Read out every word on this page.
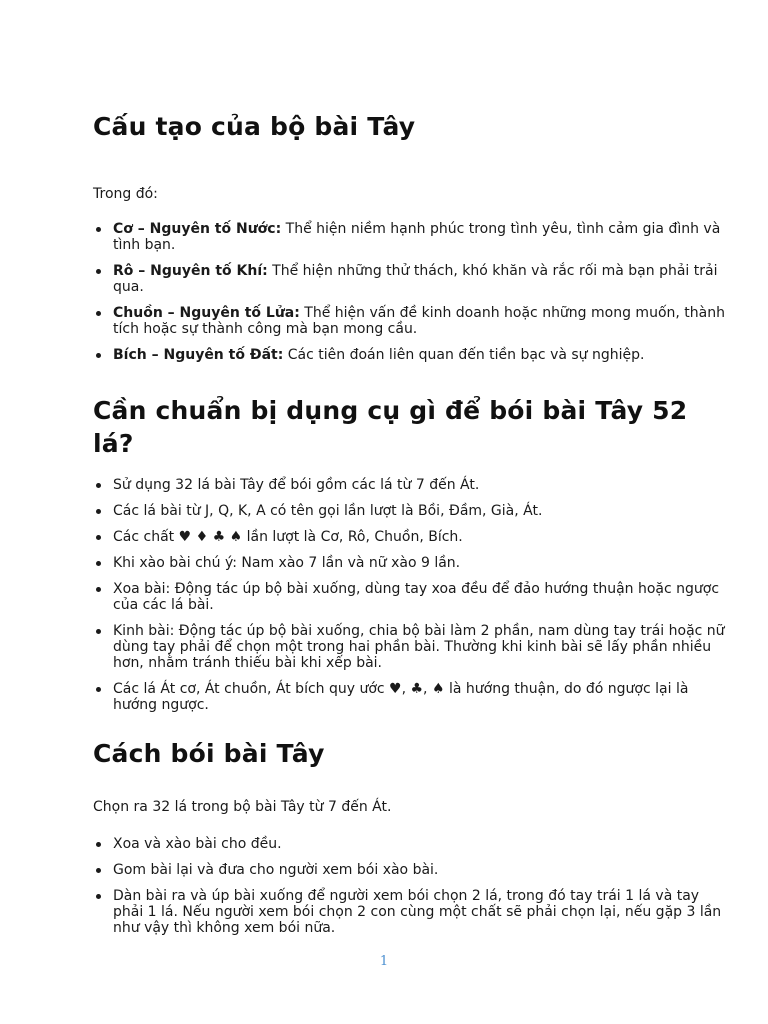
Cấu tạo của bộ bài Tây
Trong đó:
Cơ – Nguyên tố Nước: Thể hiện niềm hạnh phúc trong tình yêu, tình cảm gia đình và tình bạn.
Rô – Nguyên tố Khí: Thể hiện những thử thách, khó khăn và rắc rối mà bạn phải trải qua.
Chuồn – Nguyên tố Lửa: Thể hiện vấn đề kinh doanh hoặc những mong muốn, thành tích hoặc sự thành công mà bạn mong cầu.
Bích – Nguyên tố Đất: Các tiên đoán liên quan đến tiền bạc và sự nghiệp.
Cần chuẩn bị dụng cụ gì để bói bài Tây 52 lá?
Sử dụng 32 lá bài Tây để bói gồm các lá từ 7 đến Át.
Các lá bài từ J, Q, K, A có tên gọi lần lượt là Bồi, Đầm, Già, Át.
Các chất ♥ ♦ ♣ ♠ lần lượt là Cơ, Rô, Chuồn, Bích.
Khi xào bài chú ý: Nam xào 7 lần và nữ xào 9 lần.
Xoa bài: Động tác úp bộ bài xuống, dùng tay xoa đều để đảo hướng thuận hoặc ngược của các lá bài.
Kinh bài: Động tác úp bộ bài xuống, chia bộ bài làm 2 phần, nam dùng tay trái hoặc nữ dùng tay phải để chọn một trong hai phần bài. Thường khi kinh bài sẽ lấy phần nhiều hơn, nhằm tránh thiếu bài khi xếp bài.
Các lá Át cơ, Át chuồn, Át bích quy ước ♥, ♣, ♠ là hướng thuận, do đó ngược lại là hướng ngược.
Cách bói bài Tây
Chọn ra 32 lá trong bộ bài Tây từ 7 đến Át.
Xoa và xào bài cho đều.
Gom bài lại và đưa cho người xem bói xào bài.
Dàn bài ra và úp bài xuống để người xem bói chọn 2 lá, trong đó tay trái 1 lá và tay phải 1 lá. Nếu người xem bói chọn 2 con cùng một chất sẽ phải chọn lại, nếu gặp 3 lần như vậy thì không xem bói nữa.
1
